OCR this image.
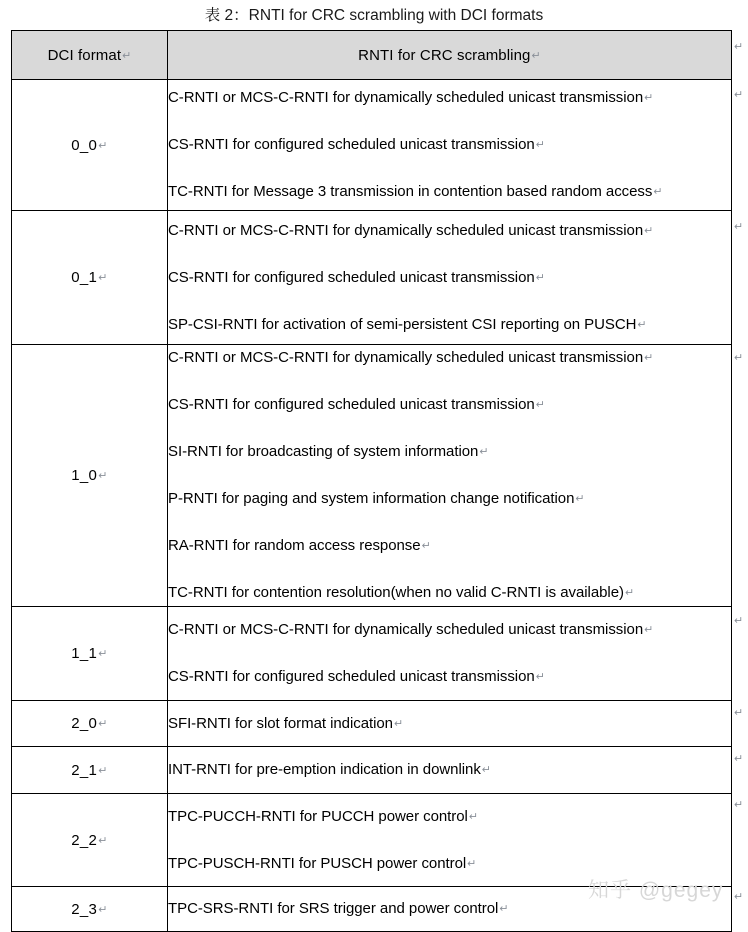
表 2：RNTI for CRC scrambling with DCI formats
DCI format↵	RNTI for CRC scrambling↵
0_0↵	C-RNTI or MCS-C-RNTI for dynamically scheduled unicast transmission↵
CS-RNTI for configured scheduled unicast transmission↵
TC-RNTI for Message 3 transmission in contention based random access↵

0_1↵	C-RNTI or MCS-C-RNTI for dynamically scheduled unicast transmission↵
CS-RNTI for configured scheduled unicast transmission↵
SP-CSI-RNTI for activation of semi-persistent CSI reporting on PUSCH↵

1_0↵	
C-RNTI or MCS-C-RNTI for dynamically scheduled unicast transmission↵
CS-RNTI for configured scheduled unicast transmission↵
SI-RNTI for broadcasting of system information↵
P-RNTI for paging and system information change notification↵
RA-RNTI for random access response↵
TC-RNTI for contention resolution(when no valid C-RNTI is available)↵

1_1↵	C-RNTI or MCS-C-RNTI for dynamically scheduled unicast transmission↵
CS-RNTI for configured scheduled unicast transmission↵

2_0↵	SFI-RNTI for slot format indication↵

2_1↵	INT-RNTI for pre-emption indication in downlink↵

2_2↵	TPC-PUCCH-RNTI for PUCCH power control↵
TPC-PUSCH-RNTI for PUSCH power control↵

2_3↵	TPC-SRS-RNTI for SRS trigger and power control↵
↵
↵
↵
↵
↵
↵
↵
↵
↵
知乎 @gegey
